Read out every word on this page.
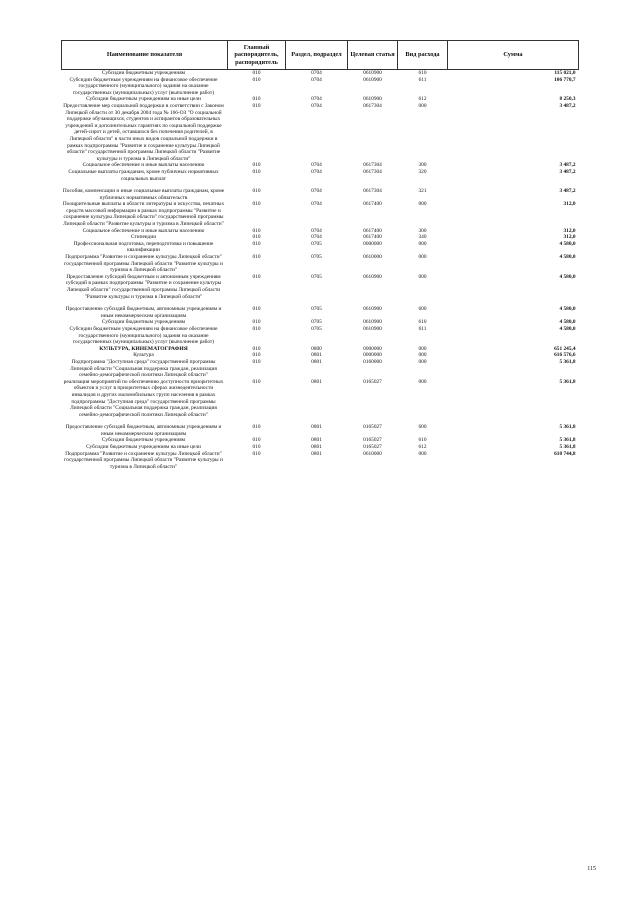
Наименование показателя	Главный распорядитель, распорядитель	Раздел, подраздел	Целевая статья	Вид расхода	Сумма
Субсидии бюджетным учреждениям	010	0704	0610900	610	115 021,0
Субсидии бюджетным учреждениям на финансовое обеспечение государственного (муниципального) задания на оказание государственных (муниципальных) услуг (выполнение работ)	010	0704	0610900	611	106 770,7
Субсидии бюджетным учреждениям на иные цели	010	0704	0610900	612	8 250,3
Предоставление мер социальной поддержки в соответствии с Законом Липецкой области от 30 декабря 2004 года № 166-ОЗ "О социальной поддержке обучающихся, студентов и аспирантов образовательных учреждений и дополнительных гарантиях по социальной поддержке детей-сирот и детей, оставшихся без попечения родителей, в Липецкой области" в части иных видов социальной поддержки в рамках подпрограммы "Развитие и сохранение культуры Липецкой области" государственной программы Липецкой области "Развитие культуры и туризма в Липецкой области"	010	0704	0617304	000	3 487,2
Социальное обеспечение и иные выплаты населению	010	0704	0617304	300	3 487,2
Социальные выплаты гражданам, кроме публичных нормативных социальных выплат	010	0704	0617304	320	3 487,2

Пособия, компенсации и иные социальные выплаты гражданам, кроме публичных нормативных обязательств	010	0704	0617304	321	3 487,2
Поощрительные выплаты в области литературы и искусства, печатных средств массовой информации в рамках подпрограммы "Развитие и сохранение культуры Липецкой области" государственной программы Липецкой области "Развитие культуры и туризма в Липецкой области"	010	0704	0617400	000	312,0
Социальное обеспечение и иные выплаты населению	010	0704	0617400	300	312,0
Стипендии	010	0704	0617400	340	312,0
Профессиональная подготовка, переподготовка и повышение квалификации	010	0705	0000000	000	4 580,0
Подпрограмма "Развитие и сохранение культуры Липецкой области" государственной программы Липецкой области "Развитие культуры и туризма в Липецкой области"	010	0705	0610000	000	4 580,0
Предоставление субсидий бюджетным и автономным учреждениям субсидий в рамках подпрограммы "Развитие и сохранение культуры Липецкой области" государственной программы Липецкой области "Развитие культуры и туризма в Липецкой области"	010	0705	0610900	000	4 580,0

Предоставление субсидий бюджетным, автономным учреждениям и иным некоммерческим организациям	010	0705	0610900	600	4 580,0
Субсидии бюджетным учреждениям	010	0705	0610900	610	4 580,0
Субсидии бюджетным учреждениям на финансовое обеспечение государственного (муниципального) задания на оказание государственных (муниципальных) услуг (выполнение работ)	010	0705	0610900	611	4 580,0
КУЛЬТУРА, КИНЕМАТОГРАФИЯ	010	0800	0000000	000	651 245,4
Культура	010	0801	0000000	000	616 576,6
Подпрограмма "Доступная среда" государственной программы Липецкой области "Социальная поддержка граждан, реализация семейно-демографической политики Липецкой области"	010	0801	0160000	000	5 361,8
реализация мероприятий по обеспечению доступности приоритетных объектов и услуг в приоритетных сферах жизнедеятельности инвалидов и других маломобильных групп населения в рамках подпрограммы "Доступная среда" государственной программы Липецкой области "Социальная поддержка граждан, реализация семейно-демографической политики Липецкой области"	010	0801	0165027	000	5 361,8

Предоставление субсидий бюджетным, автономным учреждениям и иным некоммерческим организациям	010	0801	0165027	600	5 361,8
Субсидии бюджетным учреждениям	010	0801	0165027	610	5 361,8
Субсидии бюджетным учреждениям на иные цели	010	0801	0165027	612	5 361,8
Подпрограмма "Развитие и сохранение культуры Липецкой области" государственной программы Липецкой области "Развитие культуры и туризма в Липецкой области"	010	0801	0610000	000	610 744,8
115
